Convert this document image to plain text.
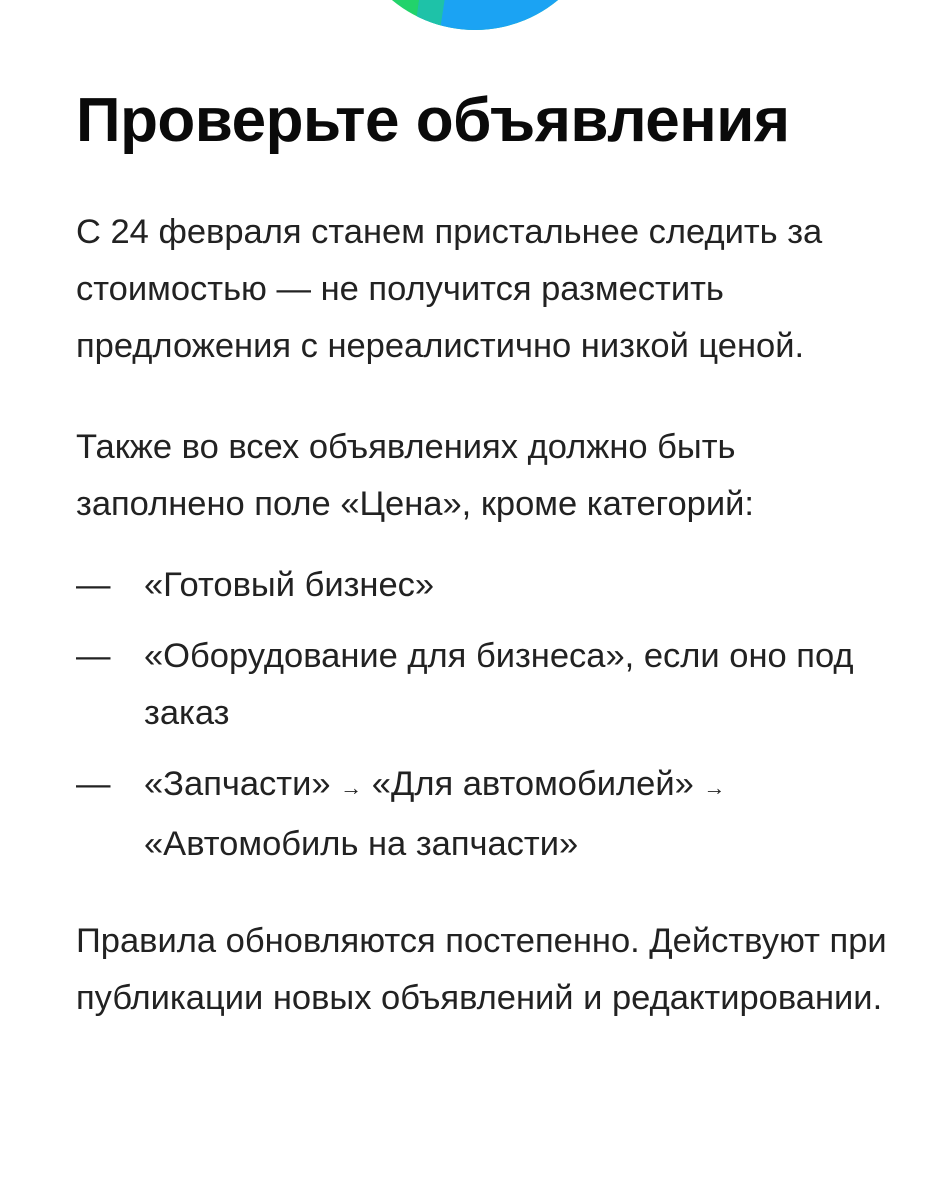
Проверьте объявления

С 24 февраля станем пристальнее следить за стоимостью — не получится разместить предложения с нереалистично низкой ценой.

Также во всех объявлениях должно быть заполнено поле «Цена», кроме категорий:

— «Готовый бизнес»
— «Оборудование для бизнеса», если оно под заказ
— «Запчасти» → «Для автомобилей» → «Автомобиль на запчасти»

Правила обновляются постепенно. Действуют при публикации новых объявлений и редактировании.
